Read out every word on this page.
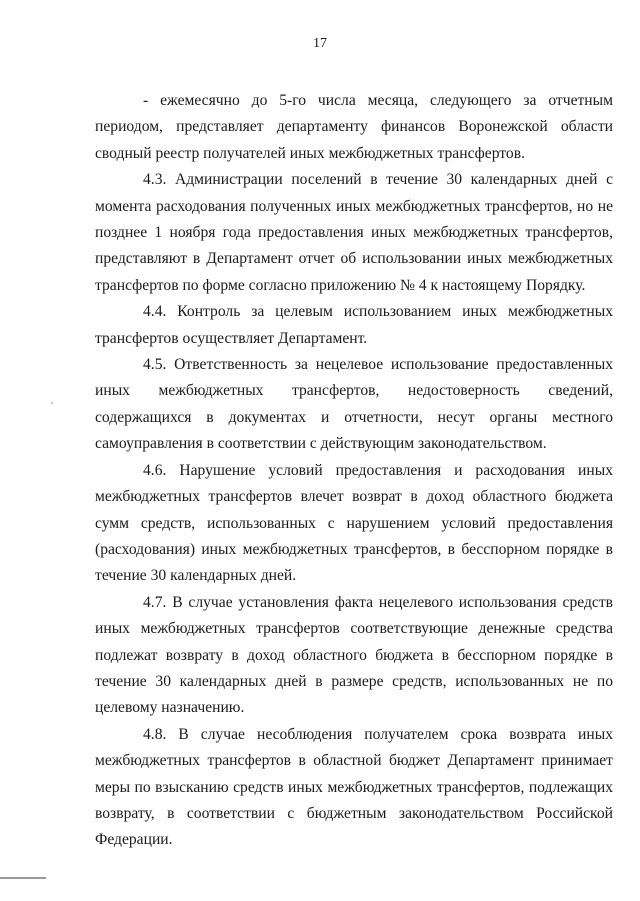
17

- ежемесячно до 5-го числа месяца, следующего за отчетным периодом, представляет департаменту финансов Воронежской области сводный реестр получателей иных межбюджетных трансфертов.

4.3. Администрации поселений в течение 30 календарных дней с момента расходования полученных иных межбюджетных трансфертов, но не позднее 1 ноября года предоставления иных межбюджетных трансфертов, представляют в Департамент отчет об использовании иных межбюджетных трансфертов по форме согласно приложению № 4 к настоящему Порядку.

4.4. Контроль за целевым использованием иных межбюджетных трансфертов осуществляет Департамент.

4.5. Ответственность за нецелевое использование предоставленных иных межбюджетных трансфертов, недостоверность сведений, содержащихся в документах и отчетности, несут органы местного самоуправления в соответствии с действующим законодательством.

4.6. Нарушение условий предоставления и расходования иных межбюджетных трансфертов влечет возврат в доход областного бюджета сумм средств, использованных с нарушением условий предоставления (расходования) иных межбюджетных трансфертов, в бесспорном порядке в течение 30 календарных дней.

4.7. В случае установления факта нецелевого использования средств иных межбюджетных трансфертов соответствующие денежные средства подлежат возврату в доход областного бюджета в бесспорном порядке в течение 30 календарных дней в размере средств, использованных не по целевому назначению.

4.8. В случае несоблюдения получателем срока возврата иных межбюджетных трансфертов в областной бюджет Департамент принимает меры по взысканию средств иных межбюджетных трансфертов, подлежащих возврату, в соответствии с бюджетным законодательством Российской Федерации.
